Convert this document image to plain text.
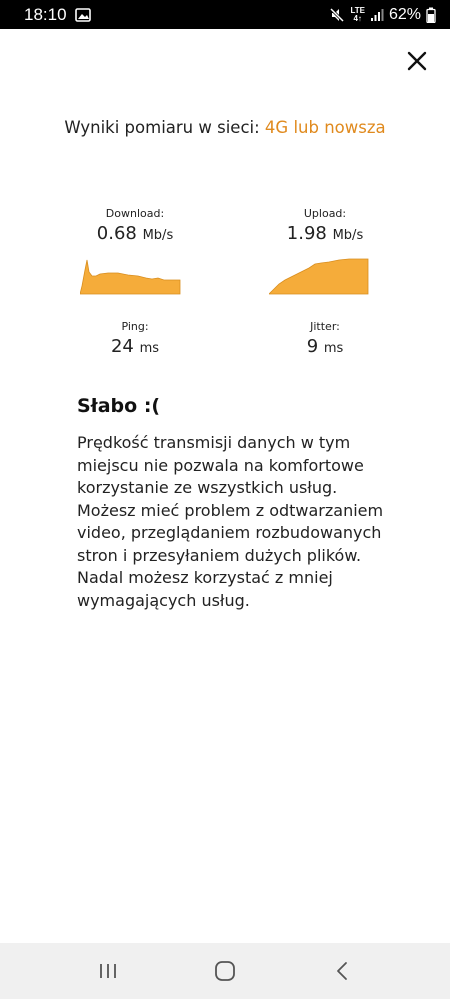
18:10	LTE
4↑ 62%
Wyniki pomiaru w sieci: 4G lub nowsza
Download:
0.68 Mb/s
Upload:
1.98 Mb/s
Ping:
24 ms
Jitter:
9 ms
Słabo :(
Prędkość transmisji danych w tym miejscu nie pozwala na komfortowe korzystanie ze wszystkich usług. Możesz mieć problem z odtwarzaniem video, przeglądaniem rozbudowanych stron i przesyłaniem dużych plików. Nadal możesz korzystać z mniej wymagających usług.
